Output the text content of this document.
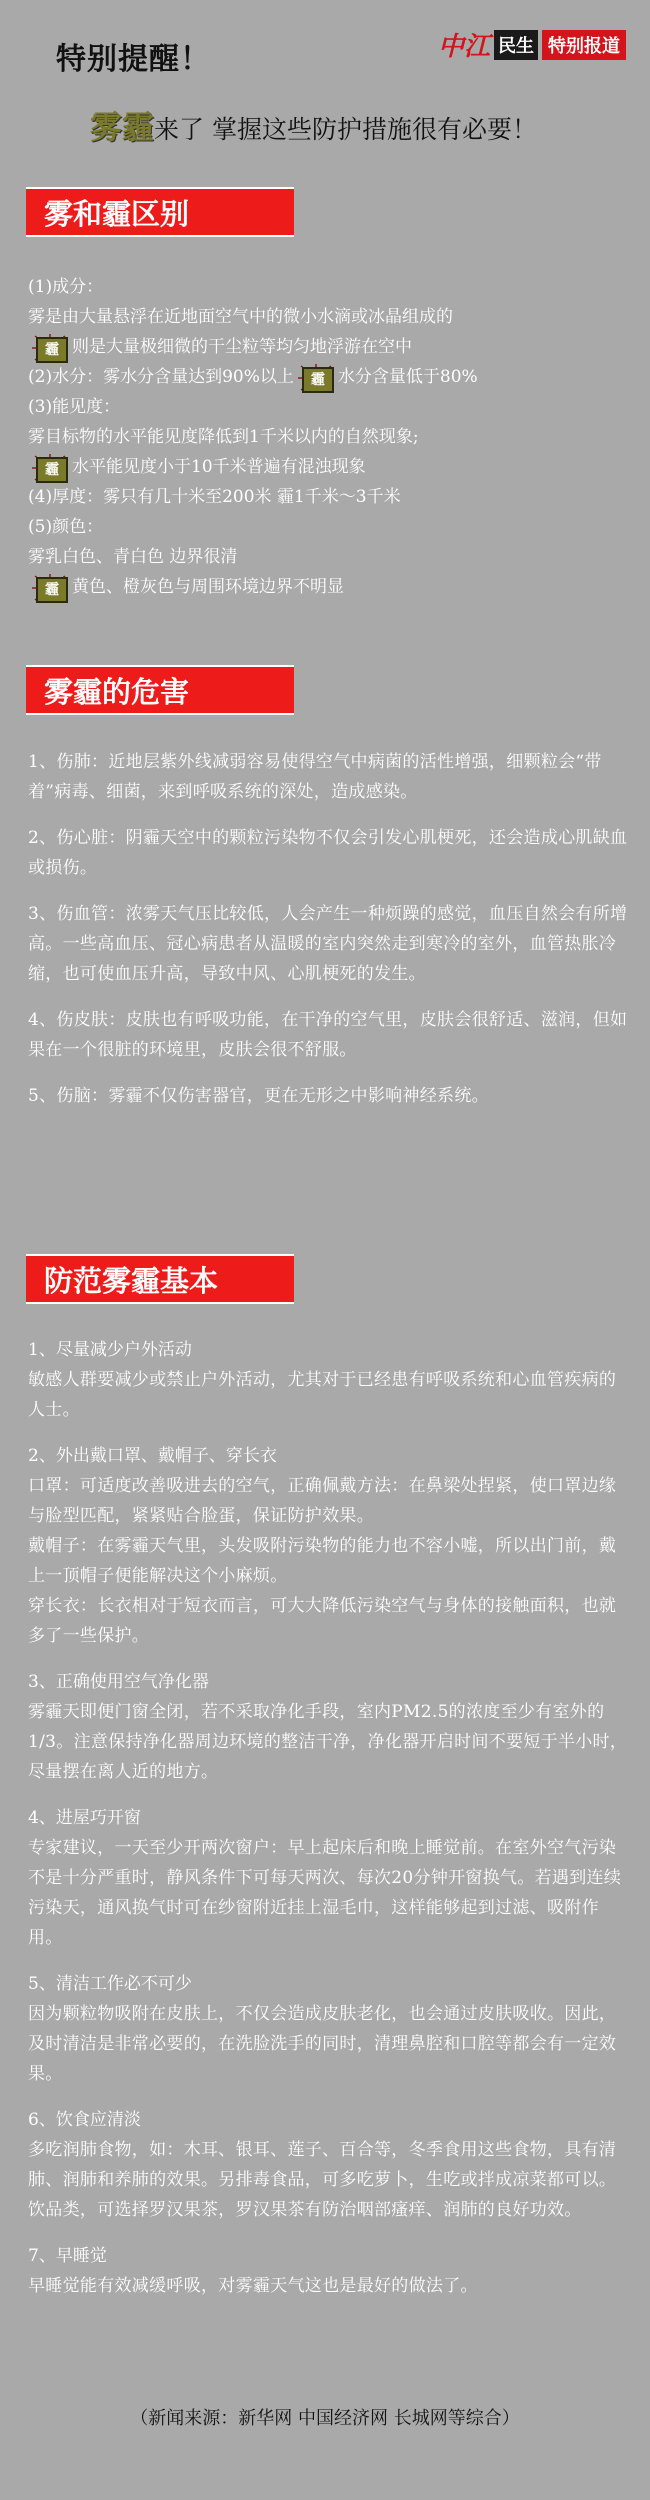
特别提醒！	中江 民生 特别报道
雾霾来了 掌握这些防护措施很有必要！
雾和霾区别
(1)成分：
雾是由大量悬浮在近地面空气中的微小水滴或冰晶组成的
霾 则是大量极细微的干尘粒等均匀地浮游在空中
(2)水分：雾水分含量达到90%以上	霾 水分含量低于80%
(3)能见度：
雾目标物的水平能见度降低到1千米以内的自然现象;
霾 水平能见度小于10千米普遍有混浊现象
(4)厚度：雾只有几十米至200米 霾1千米～3千米
(5)颜色：
雾乳白色、青白色 边界很清
霾 黄色、橙灰色与周围环境边界不明显
雾霾的危害
1、伤肺：近地层紫外线减弱容易使得空气中病菌的活性增强，细颗粒会“带着”病毒、细菌，来到呼吸系统的深处，造成感染。
2、伤心脏：阴霾天空中的颗粒污染物不仅会引发心肌梗死，还会造成心肌缺血或损伤。
3、伤血管：浓雾天气压比较低，人会产生一种烦躁的感觉，血压自然会有所增高。一些高血压、冠心病患者从温暖的室内突然走到寒冷的室外，血管热胀冷缩，也可使血压升高，导致中风、心肌梗死的发生。
4、伤皮肤：皮肤也有呼吸功能，在干净的空气里，皮肤会很舒适、滋润，但如果在一个很脏的环境里，皮肤会很不舒服。
5、伤脑：雾霾不仅伤害器官，更在无形之中影响神经系统。
防范雾霾基本
1、尽量减少户外活动
敏感人群要减少或禁止户外活动，尤其对于已经患有呼吸系统和心血管疾病的人士。
2、外出戴口罩、戴帽子、穿长衣
口罩：可适度改善吸进去的空气，正确佩戴方法：在鼻梁处捏紧，使口罩边缘与脸型匹配，紧紧贴合脸蛋，保证防护效果。
戴帽子：在雾霾天气里，头发吸附污染物的能力也不容小嘘，所以出门前，戴上一顶帽子便能解决这个小麻烦。
穿长衣：长衣相对于短衣而言，可大大降低污染空气与身体的接触面积，也就多了一些保护。
3、正确使用空气净化器
雾霾天即便门窗全闭，若不采取净化手段，室内PM2.5的浓度至少有室外的1/3。注意保持净化器周边环境的整洁干净，净化器开启时间不要短于半小时，尽量摆在离人近的地方。
4、进屋巧开窗
专家建议，一天至少开两次窗户：早上起床后和晚上睡觉前。在室外空气污染不是十分严重时，静风条件下可每天两次、每次20分钟开窗换气。若遇到连续污染天，通风换气时可在纱窗附近挂上湿毛巾，这样能够起到过滤、吸附作用。
5、清洁工作必不可少
因为颗粒物吸附在皮肤上，不仅会造成皮肤老化，也会通过皮肤吸收。因此，及时清洁是非常必要的，在洗脸洗手的同时，清理鼻腔和口腔等都会有一定效果。
6、饮食应清淡
多吃润肺食物，如：木耳、银耳、莲子、百合等，冬季食用这些食物，具有清肺、润肺和养肺的效果。另排毒食品，可多吃萝卜，生吃或拌成凉菜都可以。饮品类，可选择罗汉果茶，罗汉果茶有防治咽部瘙痒、润肺的良好功效。
7、早睡觉
早睡觉能有效减缓呼吸，对雾霾天气这也是最好的做法了。
（新闻来源：新华网 中国经济网 长城网等综合）
